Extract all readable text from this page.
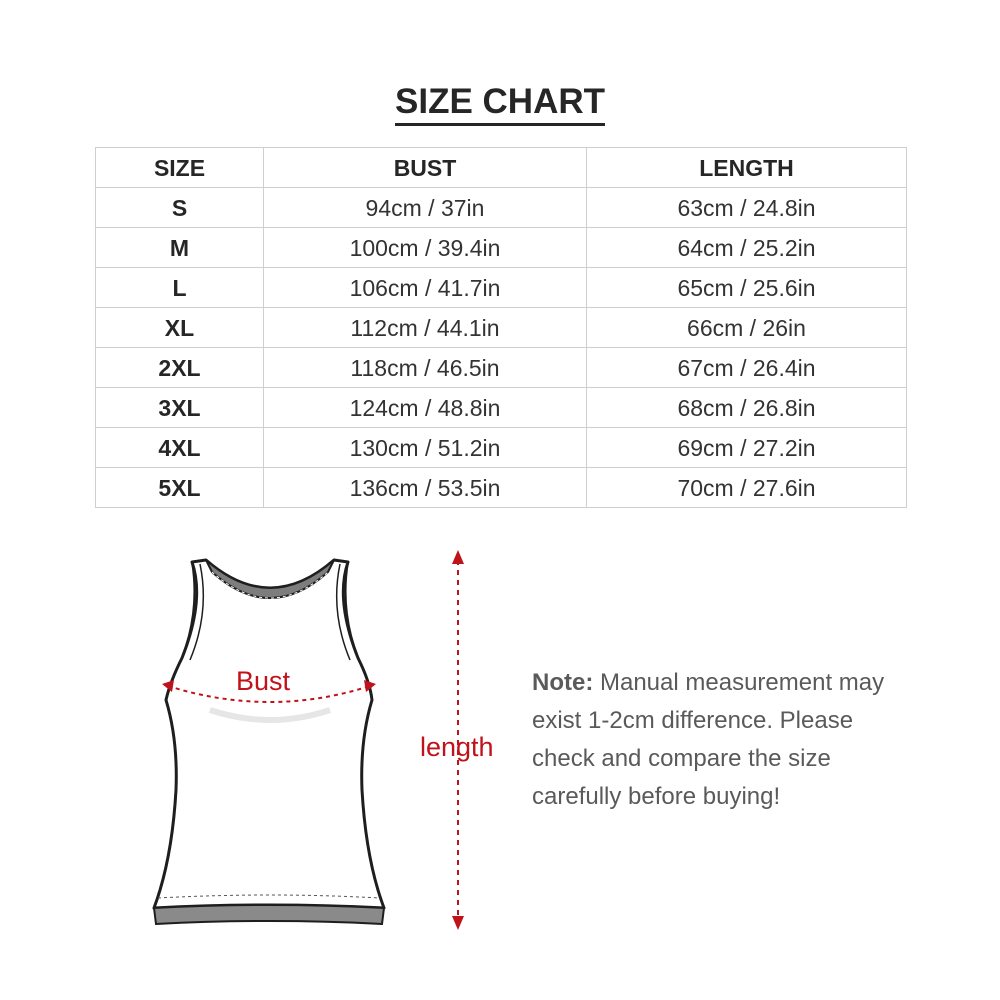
SIZE CHART
SIZE	BUST	LENGTH
S	94cm / 37in	63cm / 24.8in
M	100cm / 39.4in	64cm / 25.2in
L	106cm / 41.7in	65cm / 25.6in
XL	112cm / 44.1in	66cm / 26in
2XL	118cm / 46.5in	67cm / 26.4in
3XL	124cm / 48.8in	68cm / 26.8in
4XL	130cm / 51.2in	69cm / 27.2in
5XL	136cm / 53.5in	70cm / 27.6in
Bust
length
Note: Manual measurement may exist 1-2cm difference. Please check and compare the size carefully before buying!
